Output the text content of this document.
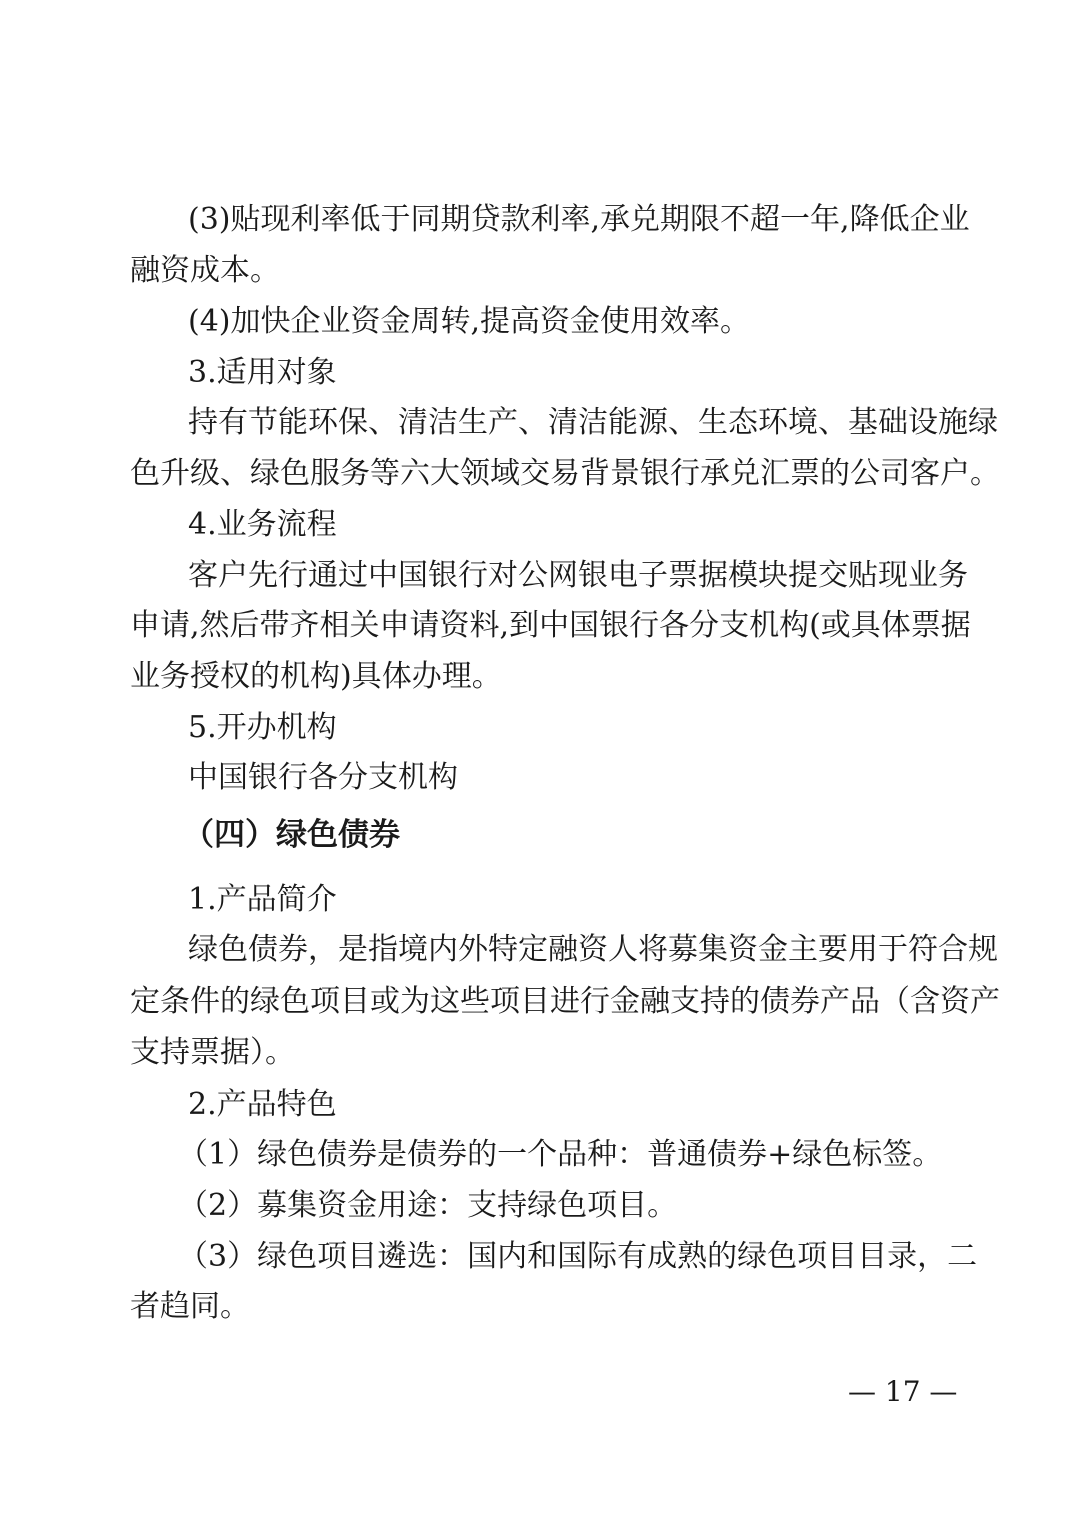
(3)贴现利率低于同期贷款利率,承兑期限不超一年,降低企业
融资成本。
(4)加快企业资金周转,提高资金使用效率。
3.适用对象
持有节能环保、清洁生产、清洁能源、生态环境、基础设施绿
色升级、绿色服务等六大领域交易背景银行承兑汇票的公司客户。
4.业务流程
客户先行通过中国银行对公网银电子票据模块提交贴现业务
申请,然后带齐相关申请资料,到中国银行各分支机构(或具体票据
业务授权的机构)具体办理。
5.开办机构
中国银行各分支机构
（四）绿色债券
1.产品简介
绿色债券，是指境内外特定融资人将募集资金主要用于符合规
定条件的绿色项目或为这些项目进行金融支持的债券产品（含资产
支持票据）。
2.产品特色
（1）绿色债券是债券的一个品种：普通债券+绿色标签。
（2）募集资金用途：支持绿色项目。
（3）绿色项目遴选：国内和国际有成熟的绿色项目目录，二
者趋同。
— 17 —
